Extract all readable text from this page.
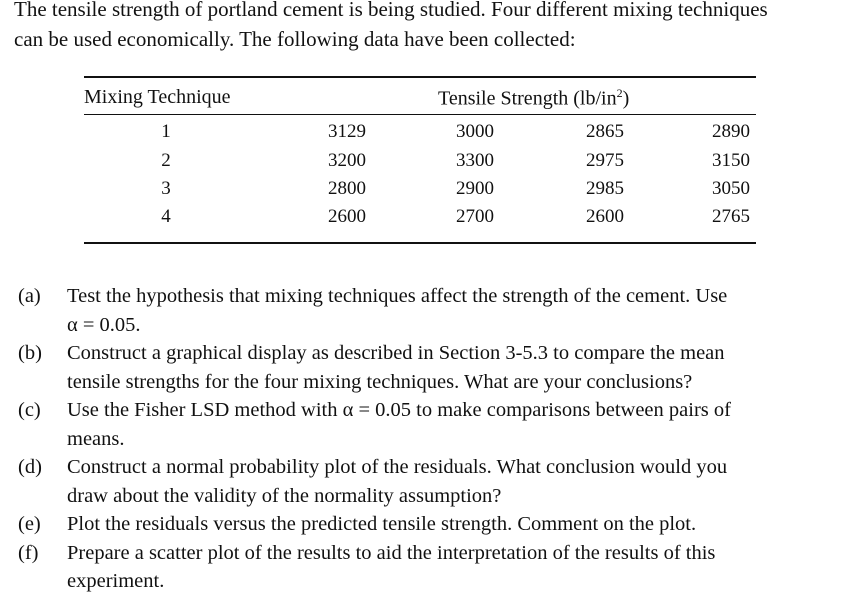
The tensile strength of portland cement is being studied. Four different mixing techniques
can be used economically. The following data have been collected:
Mixing Technique	Tensile Strength $(lb/in^2)$
1	3129	3000	2865	2890
2	3200	3300	2975	3150
3	2800	2900	2985	3050
4	2600	2700	2600	2765
(a) Test the hypothesis that mixing techniques affect the strength of the cement. Use
α = 0.05.
(b) Construct a graphical display as described in Section 3-5.3 to compare the mean
tensile strengths for the four mixing techniques. What are your conclusions?
(c) Use the Fisher LSD method with α = 0.05 to make comparisons between pairs of
means.
(d) Construct a normal probability plot of the residuals. What conclusion would you
draw about the validity of the normality assumption?
(e) Plot the residuals versus the predicted tensile strength. Comment on the plot.
(f) Prepare a scatter plot of the results to aid the interpretation of the results of this
experiment.
